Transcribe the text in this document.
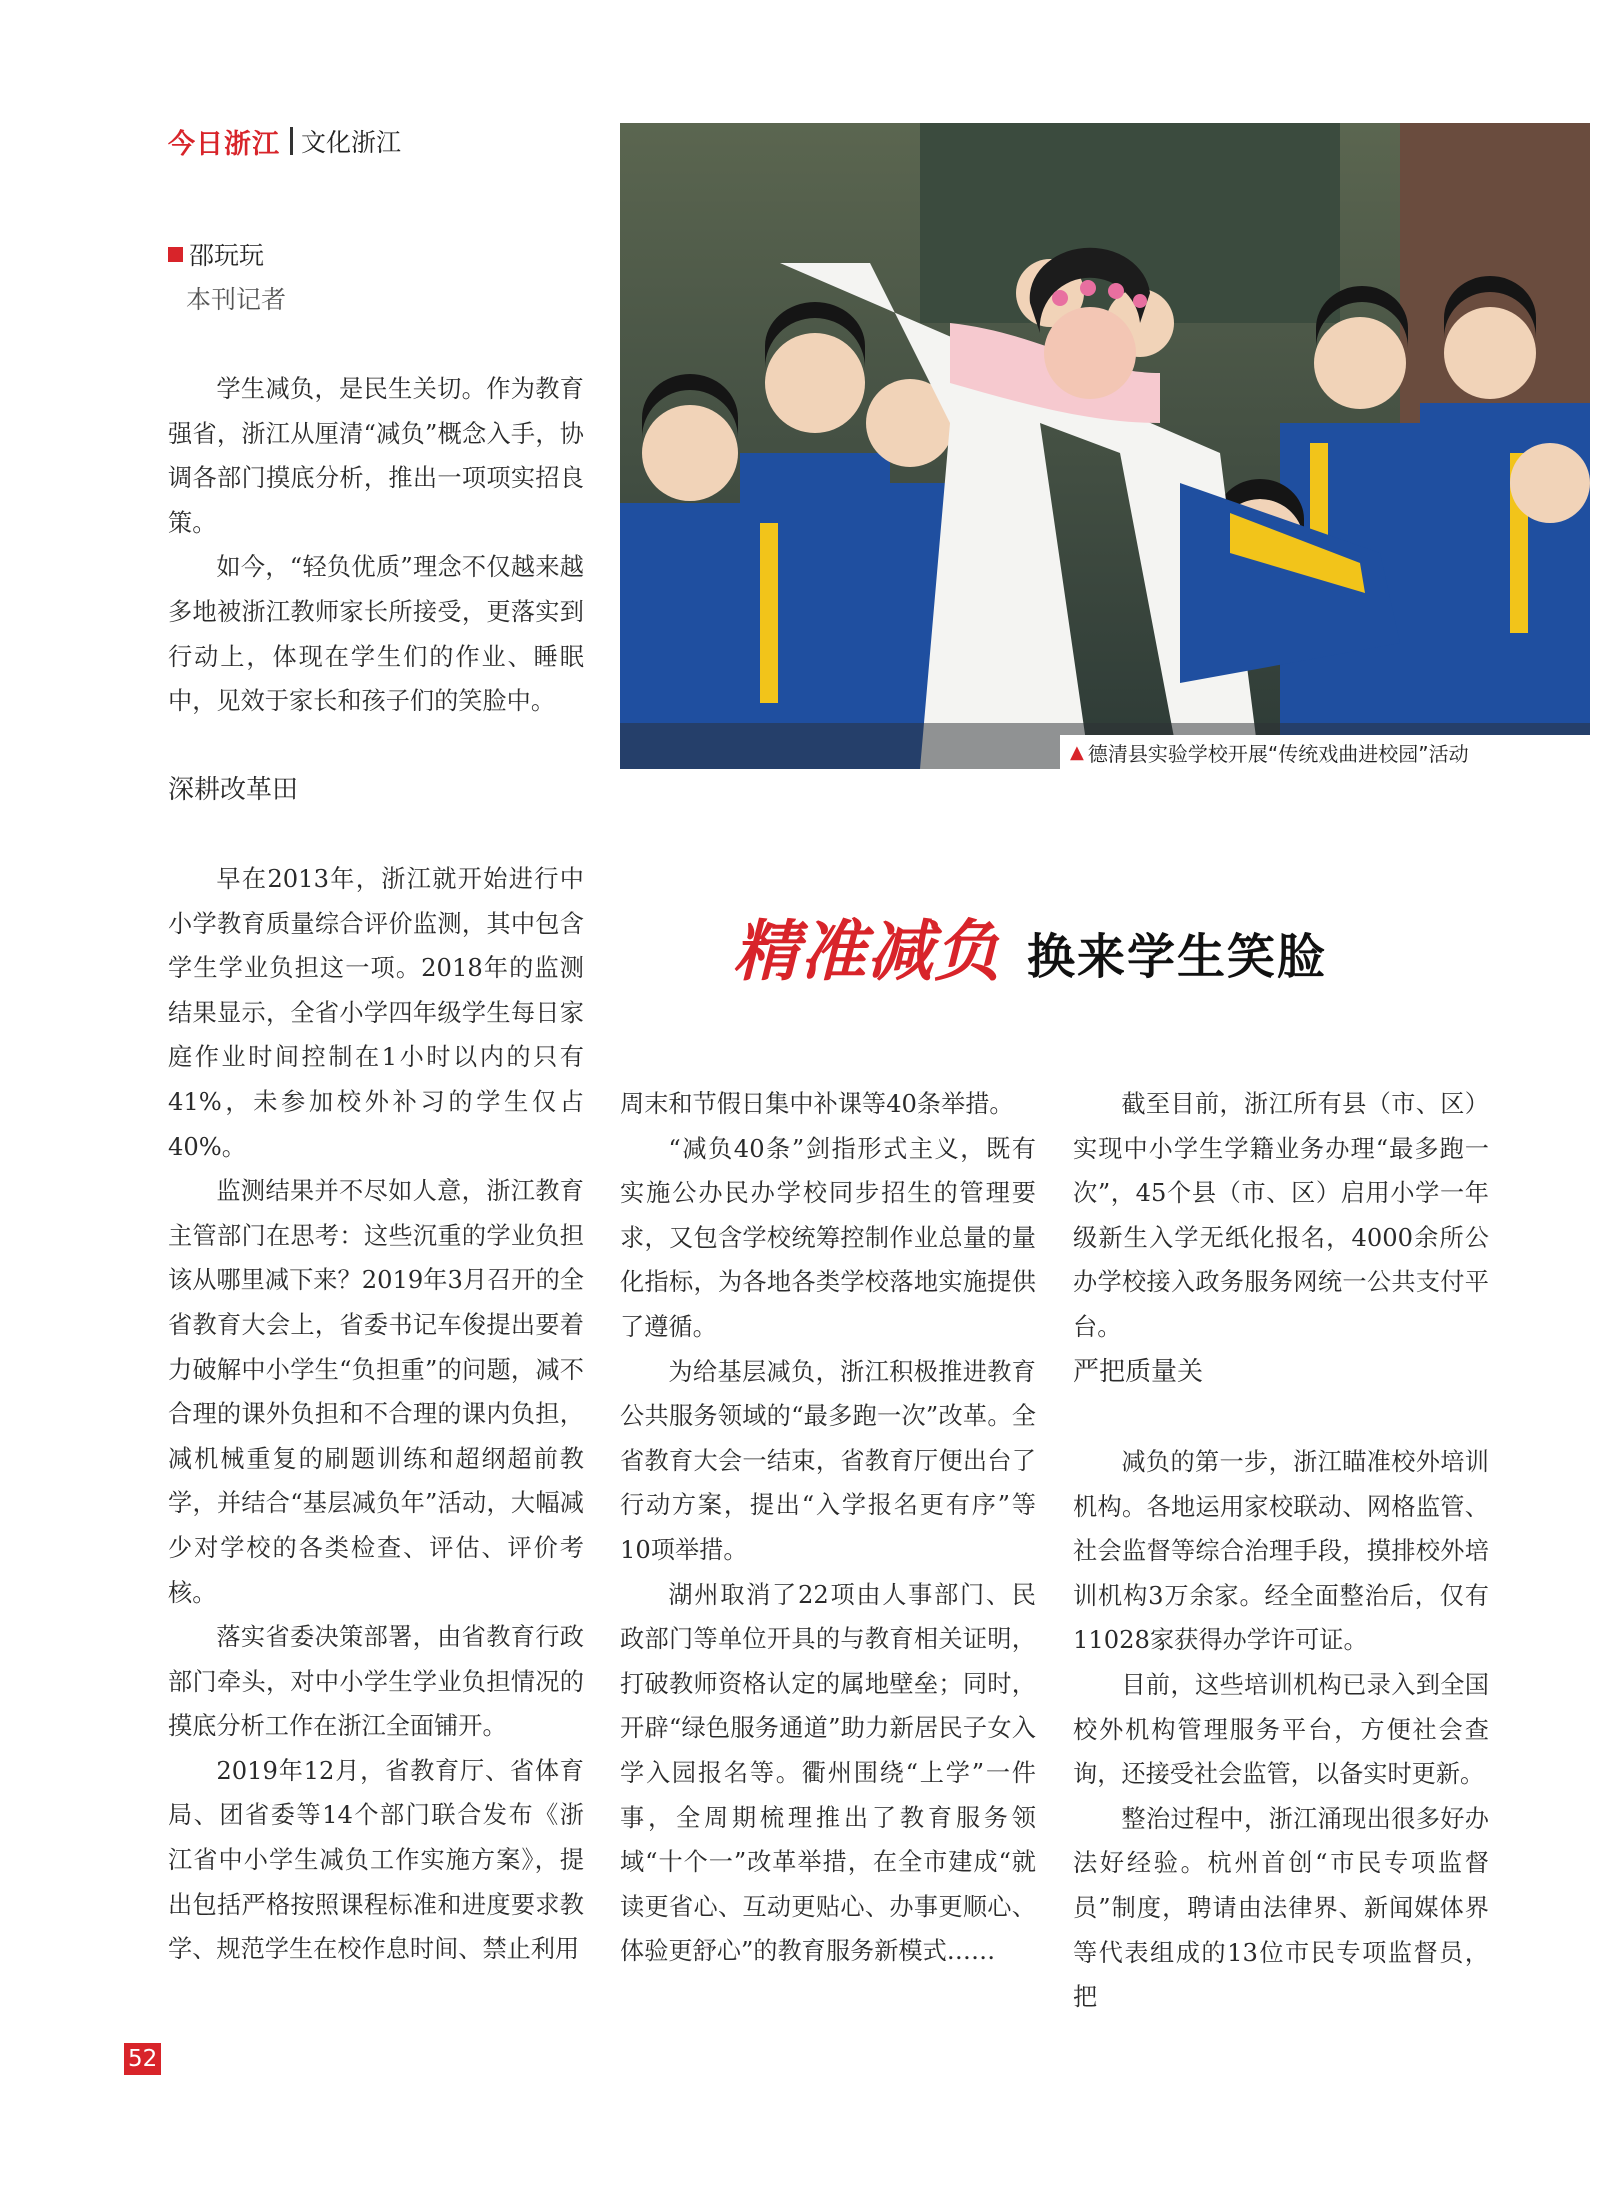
今日浙江 文化浙江
邵玩玩
本刊记者

学生减负，是民生关切。作为教育强省，浙江从厘清“减负”概念入手，协调各部门摸底分析，推出一项项实招良策。

如今，“轻负优质”理念不仅越来越多地被浙江教师家长所接受，更落实到行动上，体现在学生们的作业、睡眠中，见效于家长和孩子们的笑脸中。

深耕改革田

早在2013年，浙江就开始进行中小学教育质量综合评价监测，其中包含学生学业负担这一项。2018年的监测结果显示，全省小学四年级学生每日家庭作业时间控制在1小时以内的只有41%，未参加校外补习的学生仅占40%。

监测结果并不尽如人意，浙江教育主管部门在思考：这些沉重的学业负担该从哪里减下来？2019年3月召开的全省教育大会上，省委书记车俊提出要着力破解中小学生“负担重”的问题，减不合理的课外负担和不合理的课内负担，减机械重复的刷题训练和超纲超前教学，并结合“基层减负年”活动，大幅减少对学校的各类检查、评估、评价考核。

落实省委决策部署，由省教育行政部门牵头，对中小学生学业负担情况的摸底分析工作在浙江全面铺开。

2019年12月，省教育厅、省体育局、团省委等14个部门联合发布《浙江省中小学生减负工作实施方案》，提出包括严格按照课程标准和进度要求教学、规范学生在校作息时间、禁止利用

▲ 德清县实验学校开展“传统戏曲进校园”活动
精准减负 换来学生笑脸

周末和节假日集中补课等40条举措。

“减负40条”剑指形式主义，既有实施公办民办学校同步招生的管理要求，又包含学校统筹控制作业总量的量化指标，为各地各类学校落地实施提供了遵循。

为给基层减负，浙江积极推进教育公共服务领域的“最多跑一次”改革。全省教育大会一结束，省教育厅便出台了行动方案，提出“入学报名更有序”等10项举措。

湖州取消了22项由人事部门、民政部门等单位开具的与教育相关证明，打破教师资格认定的属地壁垒；同时，开辟“绿色服务通道”助力新居民子女入学入园报名等。衢州围绕“上学”一件事，全周期梳理推出了教育服务领域“十个一”改革举措，在全市建成“就读更省心、互动更贴心、办事更顺心、体验更舒心”的教育服务新模式……

截至目前，浙江所有县（市、区）实现中小学生学籍业务办理“最多跑一次”，45个县（市、区）启用小学一年级新生入学无纸化报名，4000余所公办学校接入政务服务网统一公共支付平台。

严把质量关

减负的第一步，浙江瞄准校外培训机构。各地运用家校联动、网格监管、社会监督等综合治理手段，摸排校外培训机构3万余家。经全面整治后，仅有11028家获得办学许可证。

目前，这些培训机构已录入到全国校外机构管理服务平台，方便社会查询，还接受社会监管，以备实时更新。

整治过程中，浙江涌现出很多好办法好经验。杭州首创“市民专项监督员”制度，聘请由法律界、新闻媒体界等代表组成的13位市民专项监督员，把

52
